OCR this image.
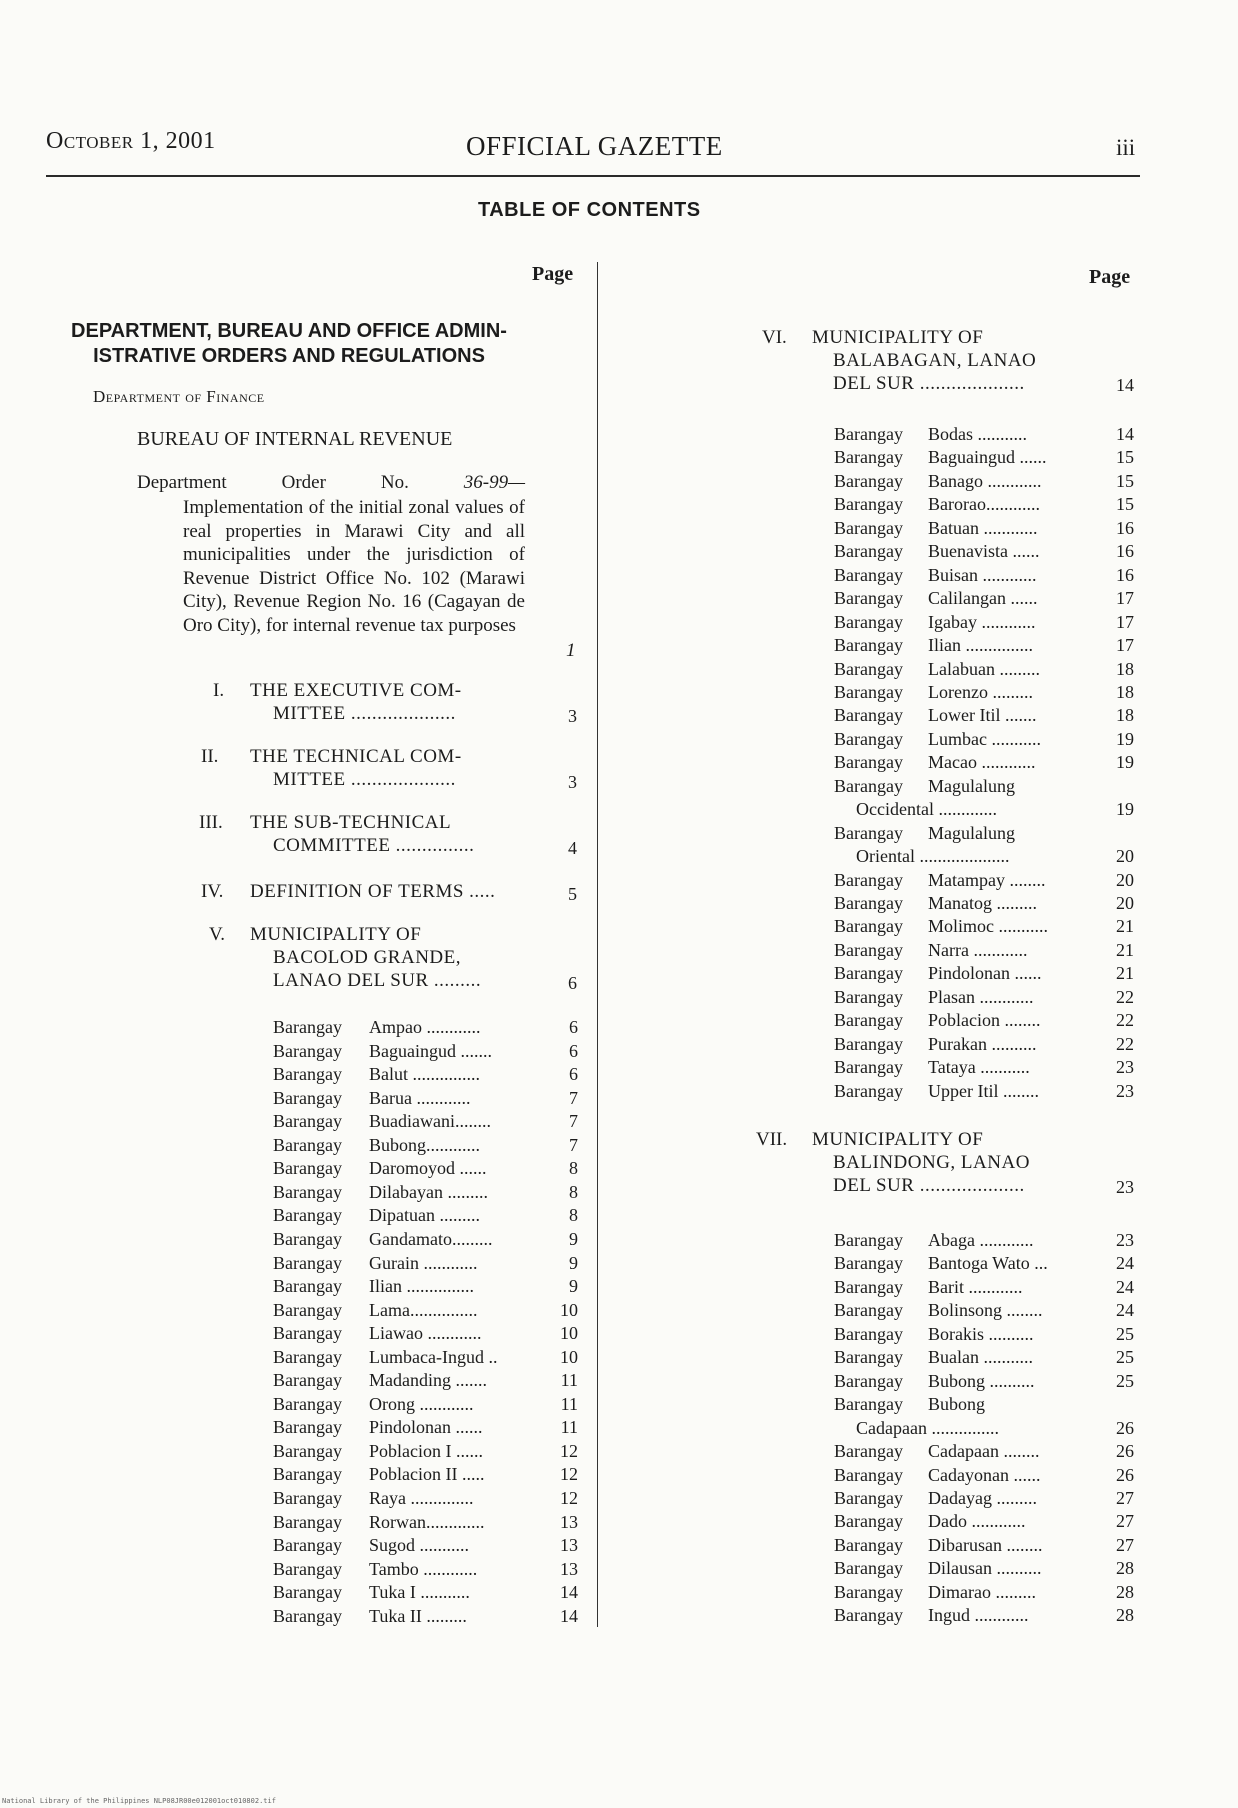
October 1, 2001	OFFICIAL GAZETTE	iii
TABLE OF CONTENTS
Page	Page
DEPARTMENT, BUREAU AND OFFICE ADMIN-ISTRATIVE ORDERS AND REGULATIONS
Department of Finance
BUREAU OF INTERNAL REVENUE
Department	Order	No.	36-99—
Implementation of the initial zonal values of real properties in Marawi City and all municipalities under the jurisdiction of Revenue District Office No. 102 (Marawi City), Revenue Region No. 16 (Cagayan de Oro City), for internal revenue tax purposes
1
I. THE EXECUTIVE COM-
MITTEE ....................	3
II. THE TECHNICAL COM-
MITTEE ....................	3
III. THE SUB-TECHNICAL
COMMITTEE ...............	4
IV. DEFINITION OF TERMS .....	5
V. MUNICIPALITY OF
BACOLOD GRANDE,
LANAO DEL SUR .........	6
Barangay Ampao ............	6
Barangay Baguaingud .......	6
Barangay Balut ...............	6
Barangay Barua ............	7
Barangay Buadiawani........	7
Barangay Bubong............	7
Barangay Daromoyod ......	8
Barangay Dilabayan .........	8
Barangay Dipatuan .........	8
Barangay Gandamato.........	9
Barangay Gurain ............	9
Barangay Ilian ...............	9
Barangay Lama...............	10
Barangay Liawao ............	10
Barangay Lumbaca-Ingud ..	10
Barangay Madanding .......	11
Barangay Orong ............	11
Barangay Pindolonan ......	11
Barangay Poblacion I ......	12
Barangay Poblacion II .....	12
Barangay Raya ..............	12
Barangay Rorwan.............	13
Barangay Sugod ...........	13
Barangay Tambo ............	13
Barangay Tuka I ...........	14
Barangay Tuka II .........	14
VI. MUNICIPALITY OF
BALABAGAN, LANAO
DEL SUR ....................	14
Barangay Bodas ...........	14
Barangay Baguaingud ......	15
Barangay Banago ............	15
Barangay Barorao............	15
Barangay Batuan ............	16
Barangay Buenavista ......	16
Barangay Buisan ............	16
Barangay Calilangan ......	17
Barangay Igabay ............	17
Barangay Ilian ...............	17
Barangay Lalabuan .........	18
Barangay Lorenzo .........	18
Barangay Lower Itil .......	18
Barangay Lumbac ...........	19
Barangay Macao ............	19
Barangay Magulalung
Occidental .............	19
Barangay Magulalung
Oriental ....................	20
Barangay Matampay ........	20
Barangay Manatog .........	20
Barangay Molimoc ...........	21
Barangay Narra ............	21
Barangay Pindolonan ......	21
Barangay Plasan ............	22
Barangay Poblacion ........	22
Barangay Purakan ..........	22
Barangay Tataya ...........	23
Barangay Upper Itil ........	23
VII. MUNICIPALITY OF
BALINDONG, LANAO
DEL SUR ....................	23
Barangay Abaga ............	23
Barangay Bantoga Wato ...	24
Barangay Barit ............	24
Barangay Bolinsong ........	24
Barangay Borakis ..........	25
Barangay Bualan ...........	25
Barangay Bubong ..........	25
Barangay Bubong
Cadapaan ...............	26
Barangay Cadapaan ........	26
Barangay Cadayonan ......	26
Barangay Dadayag .........	27
Barangay Dado ............	27
Barangay Dibarusan ........	27
Barangay Dilausan ..........	28
Barangay Dimarao .........	28
Barangay Ingud ............	28
National Library of the Philippines NLP08JR00e012001oct010802.tif
